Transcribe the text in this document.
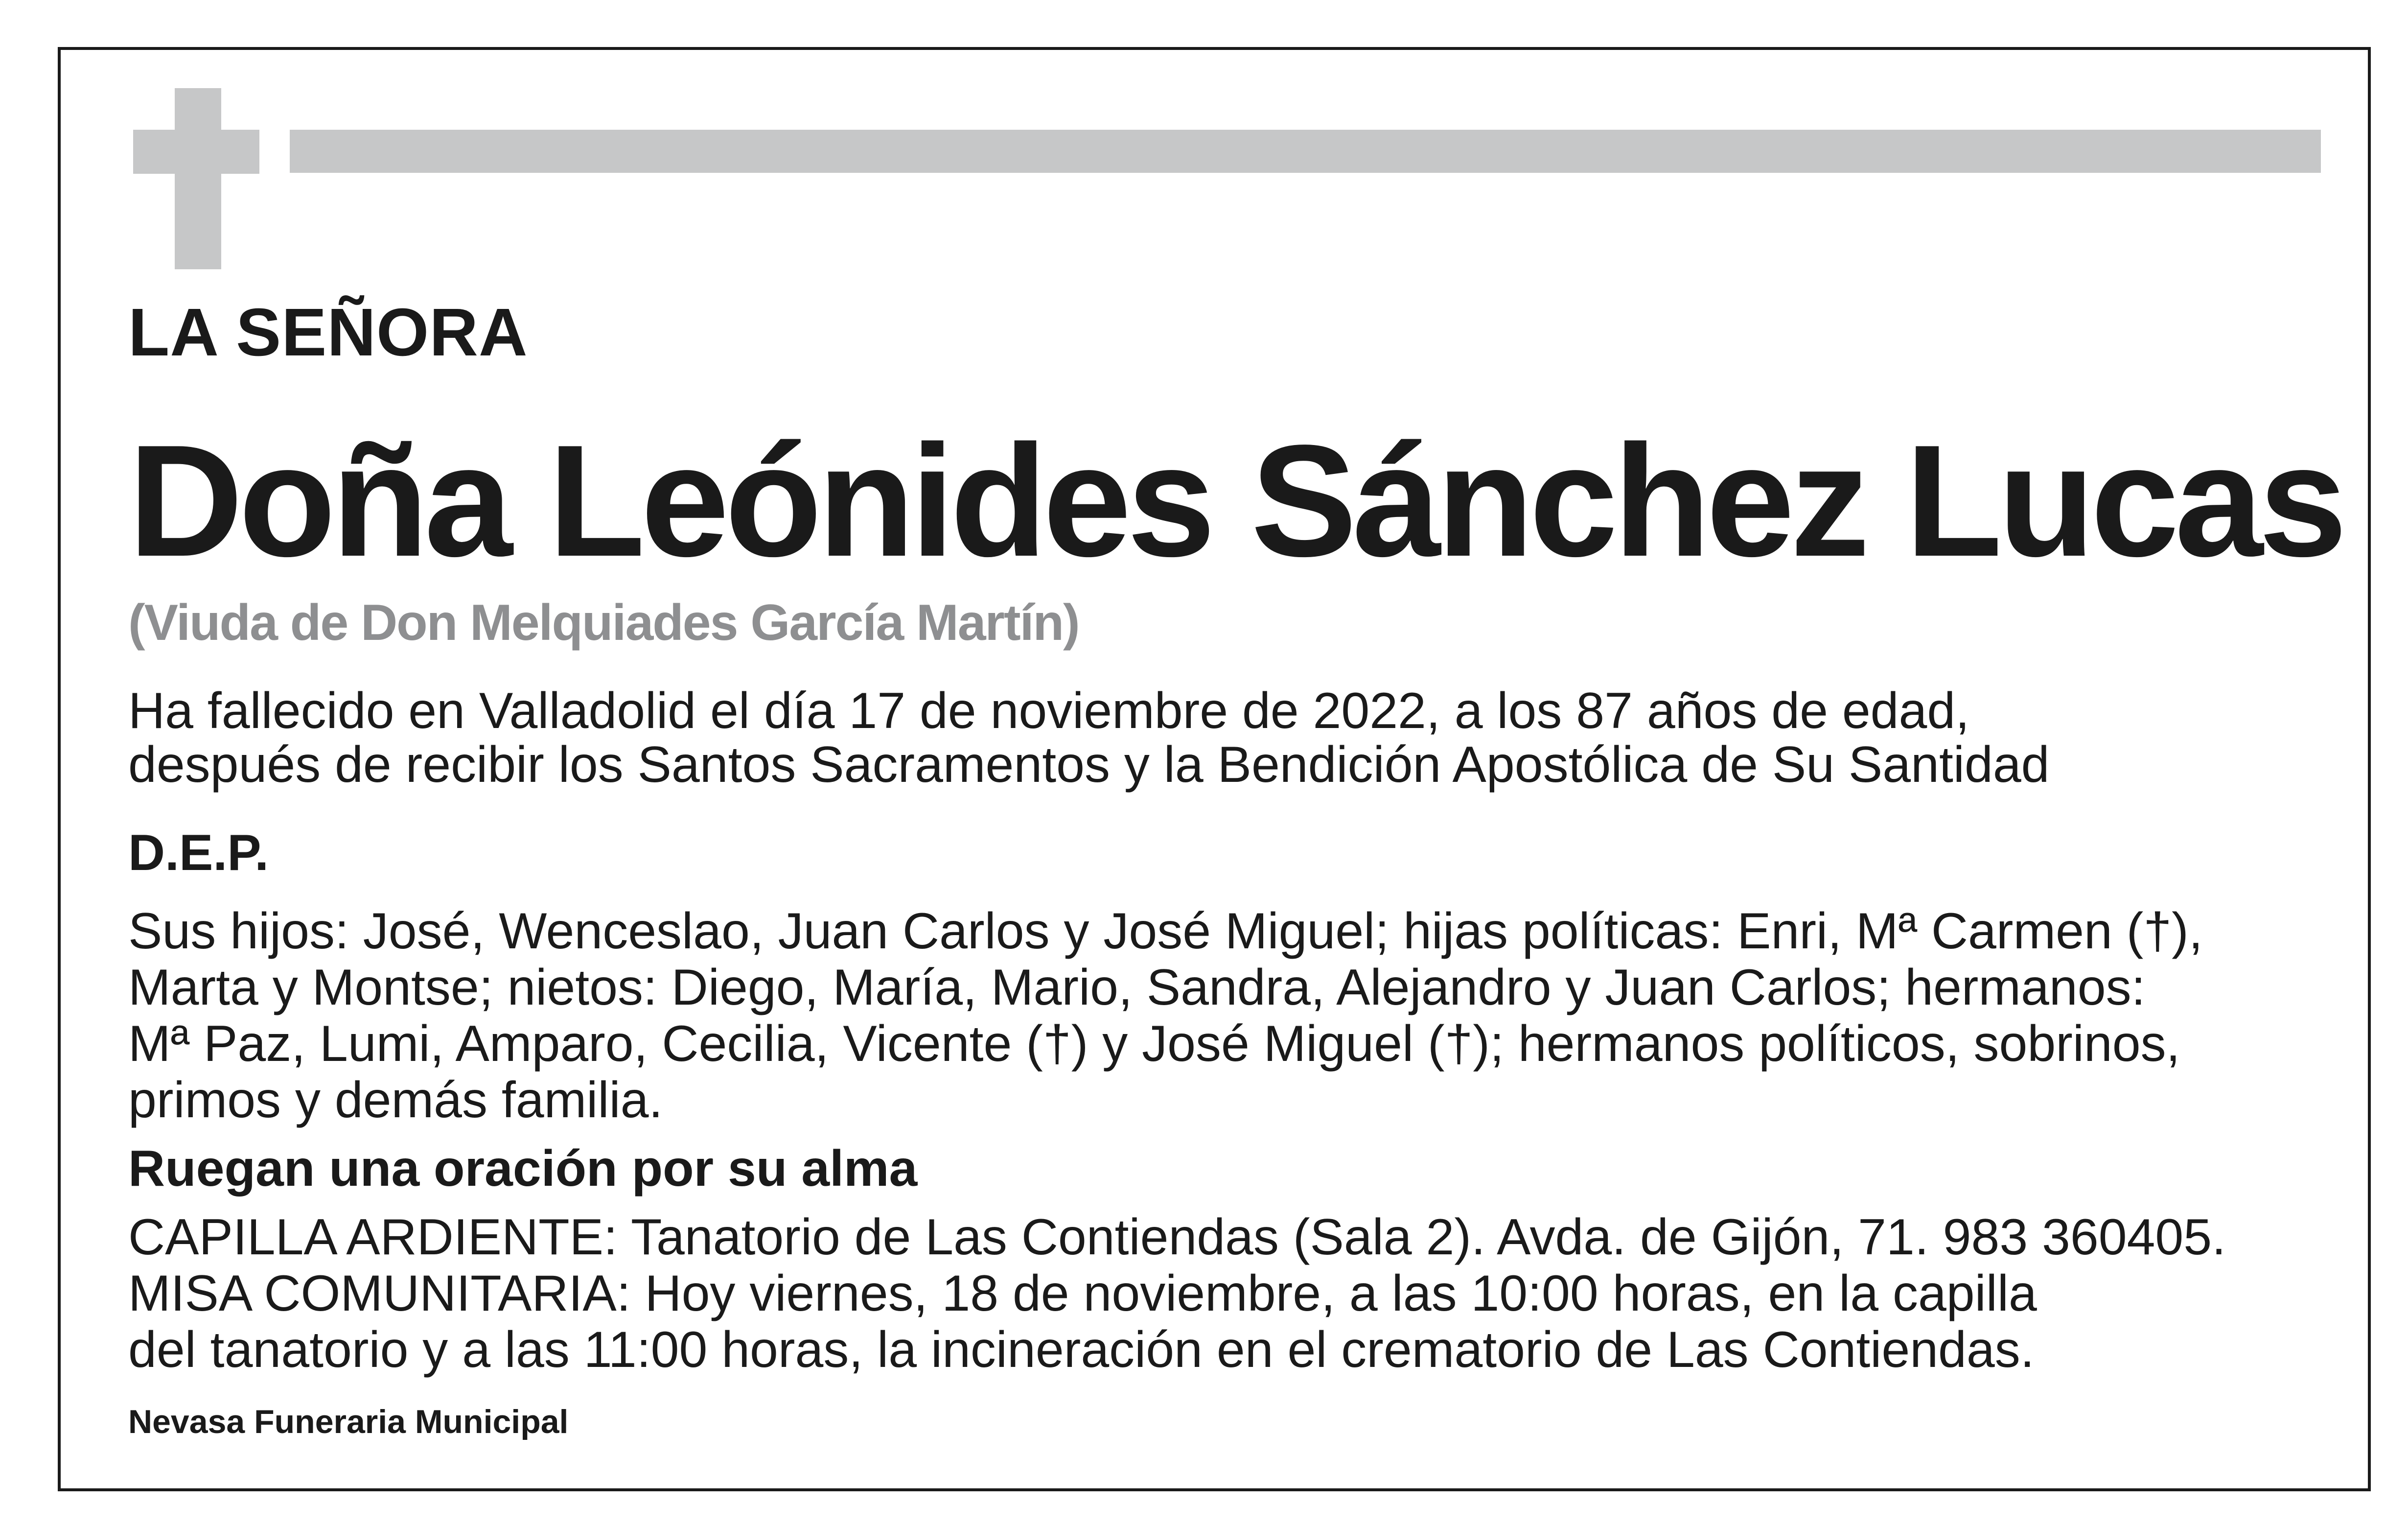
LA SEÑORA

Doña Leónides Sánchez Lucas

(Viuda de Don Melquiades García Martín)

Ha fallecido en Valladolid el día 17 de noviembre de 2022, a los 87 años de edad,

después de recibir los Santos Sacramentos y la Bendición Apostólica de Su Santidad

D.E.P.

Sus hijos: José, Wenceslao, Juan Carlos y José Miguel; hijas políticas: Enri, Mª Carmen (†),

Marta y Montse; nietos: Diego, María, Mario, Sandra, Alejandro y Juan Carlos; hermanos:

Mª Paz, Lumi, Amparo, Cecilia, Vicente (†) y José Miguel (†); hermanos políticos, sobrinos,

primos y demás familia.

Ruegan una oración por su alma

CAPILLA ARDIENTE: Tanatorio de Las Contiendas (Sala 2). Avda. de Gijón, 71. 983 360405.

MISA COMUNITARIA: Hoy viernes, 18 de noviembre, a las 10:00 horas, en la capilla

del tanatorio y a las 11:00 horas, la incineración en el crematorio de Las Contiendas.

Nevasa Funeraria Municipal
